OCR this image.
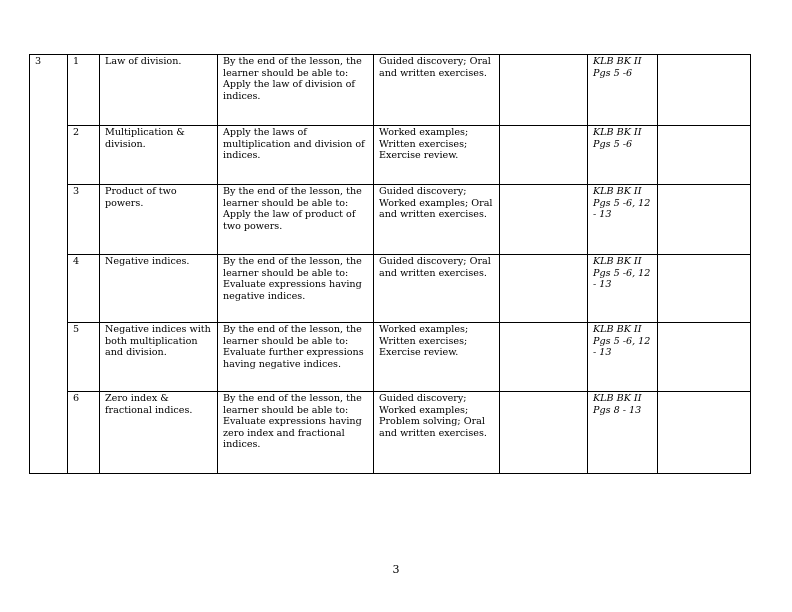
3	1	Law of division.	By the end of the lesson, the learner should be able to: Apply the law of division of indices.	Guided discovery; Oral and written exercises.		KLB BK II Pgs 5 -6	
	2	Multiplication & division.	Apply the laws of multiplication and division of indices.	Worked examples; Written exercises; Exercise review.		KLB BK II Pgs 5 -6	
	3	Product of two powers.	By the end of the lesson, the learner should be able to: Apply the law of product of two powers.	Guided discovery; Worked examples; Oral and written exercises.		KLB BK II Pgs 5 -6, 12 - 13	
	4	Negative indices.	By the end of the lesson, the learner should be able to: Evaluate expressions having negative indices.	Guided discovery; Oral and written exercises.		KLB BK II Pgs 5 -6, 12 - 13	
	5	Negative indices with both multiplication and division.	By the end of the lesson, the learner should be able to: Evaluate further expressions having negative indices.	Worked examples; Written exercises; Exercise review.		KLB BK II Pgs 5 -6, 12 - 13	
	6	Zero index & fractional indices.	By the end of the lesson, the learner should be able to: Evaluate expressions having zero index and fractional indices.	Guided discovery; Worked examples; Problem solving; Oral and written exercises.		KLB BK II Pgs 8 - 13	
3
